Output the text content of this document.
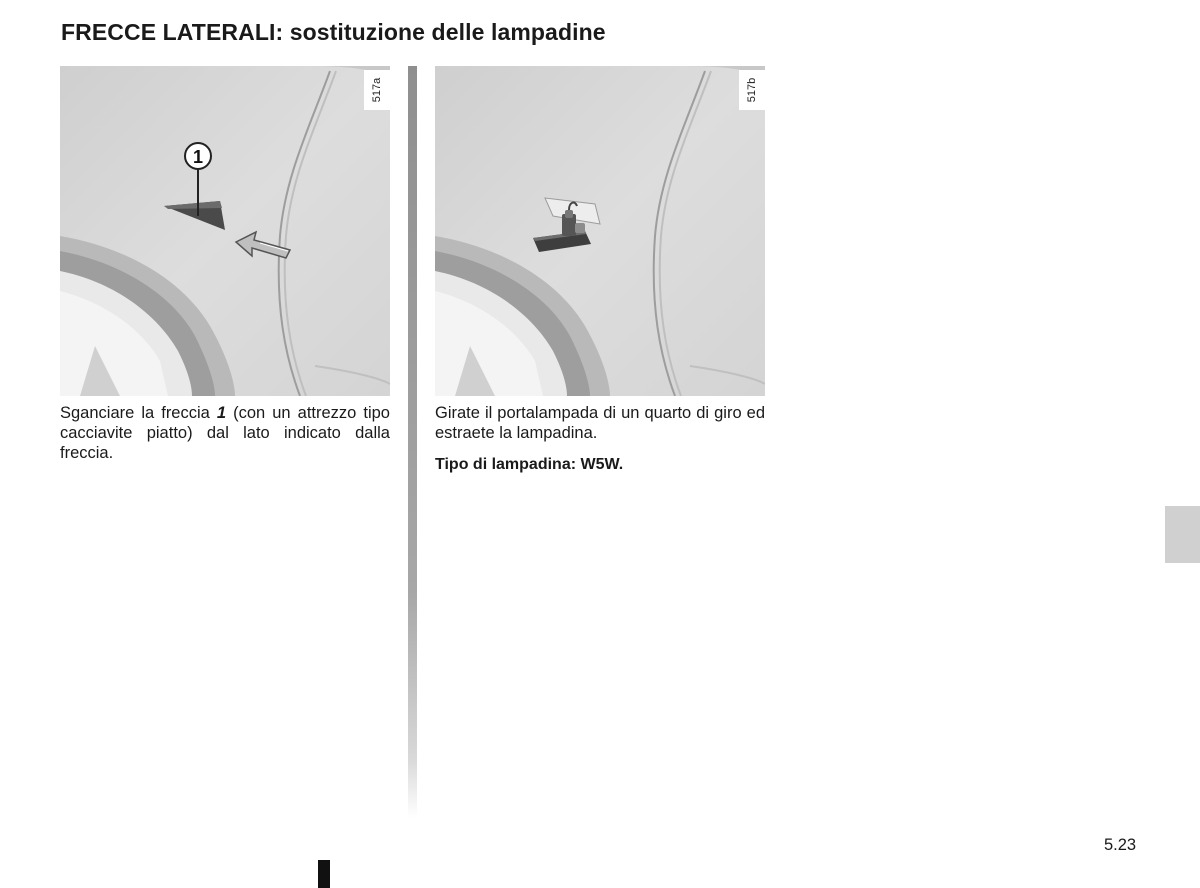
FRECCE LATERALI: sostituzione delle lampadine
1
517a	517b

Sganciare la freccia 1 (con un attrezzo tipo cacciavite piatto) dal lato indicato dalla freccia.

Girate il portalampada di un quarto di giro ed estraete la lampadina.

Tipo di lampadina: W5W.

5.23
